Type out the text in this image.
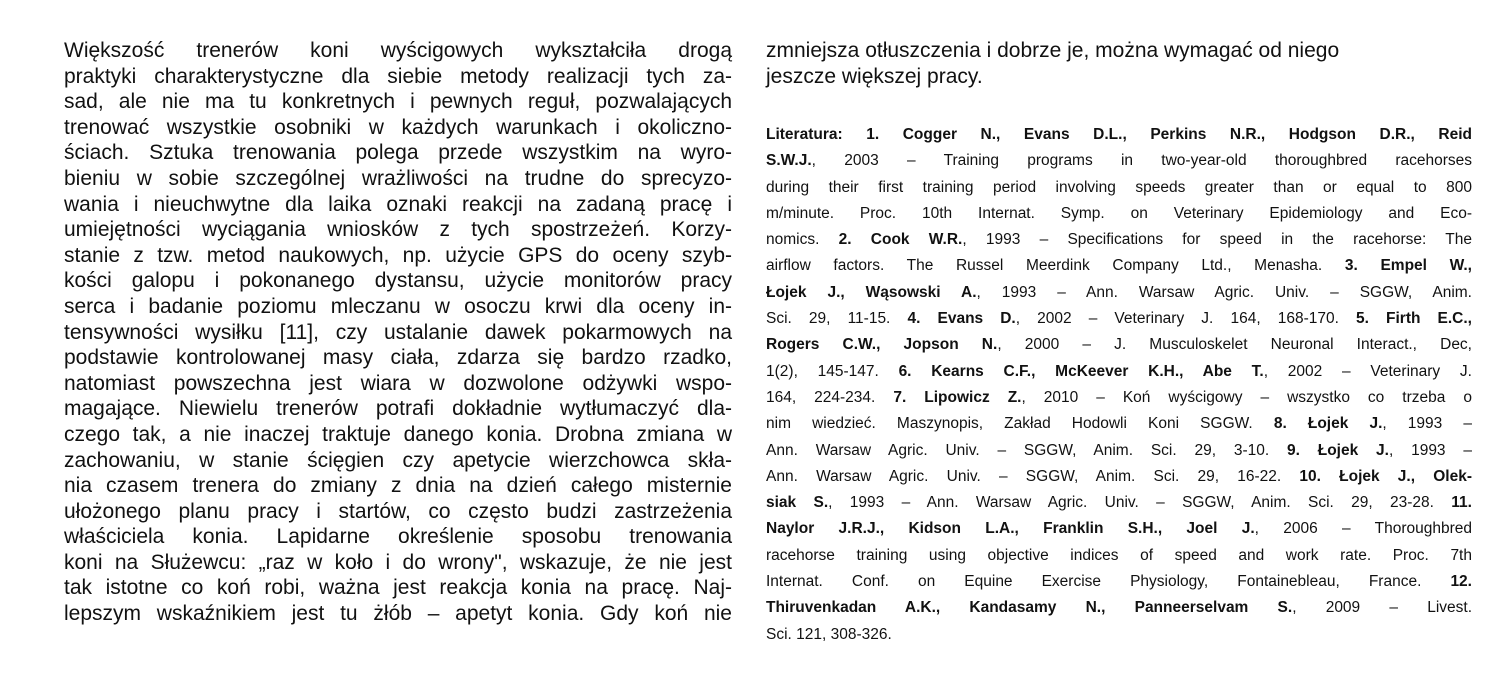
Większość trenerów koni wyścigowych wykształciła drogą
praktyki charakterystyczne dla siebie metody realizacji tych za-
sad, ale nie ma tu konkretnych i pewnych reguł, pozwalających
trenować wszystkie osobniki w każdych warunkach i okoliczno-
ściach. Sztuka trenowania polega przede wszystkim na wyro-
bieniu w sobie szczególnej wrażliwości na trudne do sprecyzo-
wania i nieuchwytne dla laika oznaki reakcji na zadaną pracę i
umiejętności wyciągania wniosków z tych spostrzeżeń. Korzy-
stanie z tzw. metod naukowych, np. użycie GPS do oceny szyb-
kości galopu i pokonanego dystansu, użycie monitorów pracy
serca i badanie poziomu mleczanu w osoczu krwi dla oceny in-
tensywności wysiłku [11], czy ustalanie dawek pokarmowych na
podstawie kontrolowanej masy ciała, zdarza się bardzo rzadko,
natomiast powszechna jest wiara w dozwolone odżywki wspo-
magające. Niewielu trenerów potrafi dokładnie wytłumaczyć dla-
czego tak, a nie inaczej traktuje danego konia. Drobna zmiana w
zachowaniu, w stanie ścięgien czy apetycie wierzchowca skła-
nia czasem trenera do zmiany z dnia na dzień całego misternie
ułożonego planu pracy i startów, co często budzi zastrzeżenia
właściciela konia. Lapidarne określenie sposobu trenowania
koni na Służewcu: „raz w koło i do wrony", wskazuje, że nie jest
tak istotne co koń robi, ważna jest reakcja konia na pracę. Naj-
lepszym wskaźnikiem jest tu żłób – apetyt konia. Gdy koń nie
zmniejsza otłuszczenia i dobrze je, można wymagać od niego
jeszcze większej pracy.
Literatura: 1. Cogger N., Evans D.L., Perkins N.R., Hodgson D.R., Reid
S.W.J., 2003 – Training programs in two-year-old thoroughbred racehorses
during their first training period involving speeds greater than or equal to 800
m/minute. Proc. 10th Internat. Symp. on Veterinary Epidemiology and Eco-
nomics. 2. Cook W.R., 1993 – Specifications for speed in the racehorse: The
airflow factors. The Russel Meerdink Company Ltd., Menasha. 3. Empel W.,
Łojek J., Wąsowski A., 1993 – Ann. Warsaw Agric. Univ. – SGGW, Anim.
Sci. 29, 11-15. 4. Evans D., 2002 – Veterinary J. 164, 168-170. 5. Firth E.C.,
Rogers C.W., Jopson N., 2000 – J. Musculoskelet Neuronal Interact., Dec,
1(2), 145-147. 6. Kearns C.F., McKeever K.H., Abe T., 2002 – Veterinary J.
164, 224-234. 7. Lipowicz Z., 2010 – Koń wyścigowy – wszystko co trzeba o
nim wiedzieć. Maszynopis, Zakład Hodowli Koni SGGW. 8. Łojek J., 1993 –
Ann. Warsaw Agric. Univ. – SGGW, Anim. Sci. 29, 3-10. 9. Łojek J., 1993 –
Ann. Warsaw Agric. Univ. – SGGW, Anim. Sci. 29, 16-22. 10. Łojek J., Olek-
siak S., 1993 – Ann. Warsaw Agric. Univ. – SGGW, Anim. Sci. 29, 23-28. 11.
Naylor J.R.J., Kidson L.A., Franklin S.H., Joel J., 2006 – Thoroughbred
racehorse training using objective indices of speed and work rate. Proc. 7th
Internat. Conf. on Equine Exercise Physiology, Fontainebleau, France. 12.
Thiruvenkadan A.K., Kandasamy N., Panneerselvam S., 2009 – Livest.
Sci. 121, 308-326.
